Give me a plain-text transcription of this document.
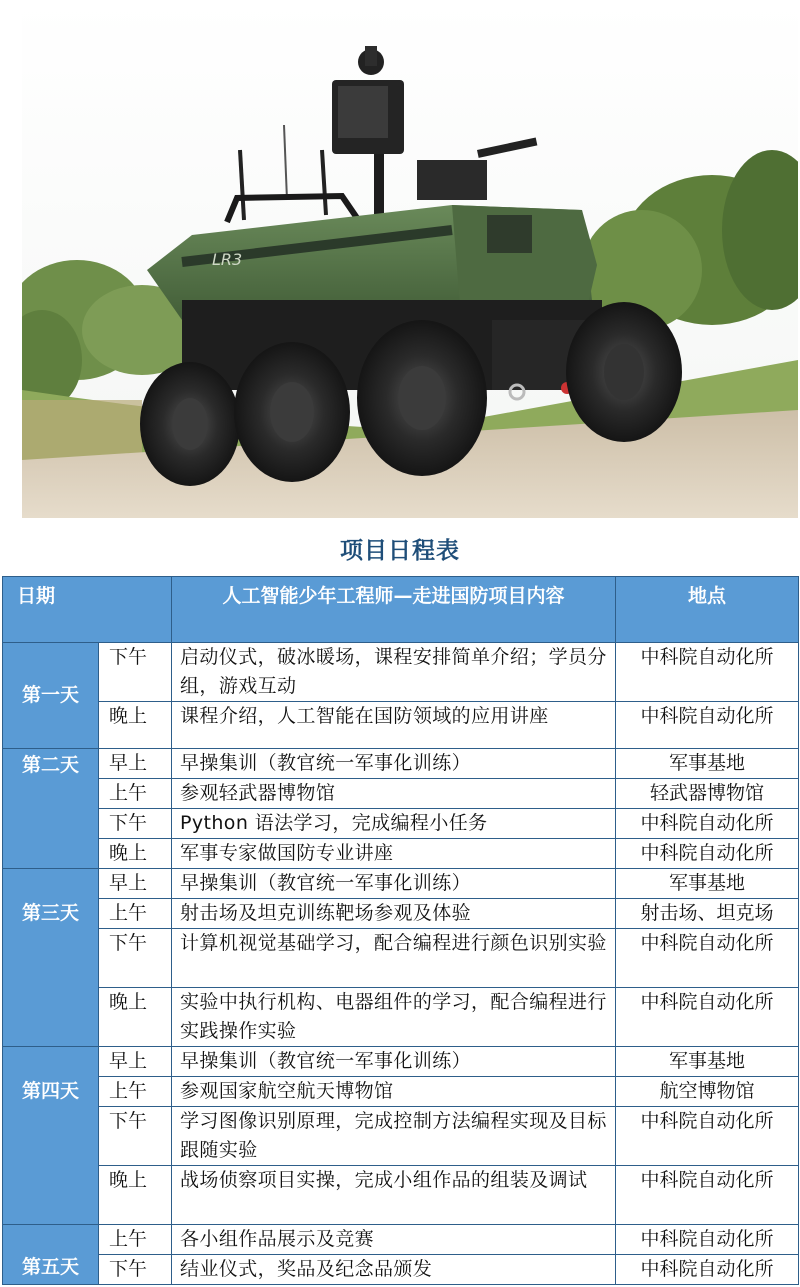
LR3
项目日程表
日期		人工智能少年工程师—走进国防项目内容	地点
第一天	下午	启动仪式，破冰暖场，课程安排简单介绍；学员分组，游戏互动	中科院自动化所
	晚上	课程介绍，人工智能在国防领域的应用讲座	中科院自动化所
第二天	早上	早操集训（教官统一军事化训练）	军事基地
	上午	参观轻武器博物馆	轻武器博物馆
	下午	Python 语法学习，完成编程小任务	中科院自动化所
	晚上	军事专家做国防专业讲座	中科院自动化所
第三天	早上	早操集训（教官统一军事化训练）	军事基地
	上午	射击场及坦克训练靶场参观及体验	射击场、坦克场
	下午	计算机视觉基础学习，配合编程进行颜色识别实验	中科院自动化所
	晚上	实验中执行机构、电器组件的学习，配合编程进行实践操作实验	中科院自动化所
第四天	早上	早操集训（教官统一军事化训练）	军事基地
	上午	参观国家航空航天博物馆	航空博物馆
	下午	学习图像识别原理，完成控制方法编程实现及目标跟随实验	中科院自动化所
	晚上	战场侦察项目实操，完成小组作品的组装及调试	中科院自动化所
第五天	上午	各小组作品展示及竞赛	中科院自动化所
	下午	结业仪式，奖品及纪念品颁发	中科院自动化所
